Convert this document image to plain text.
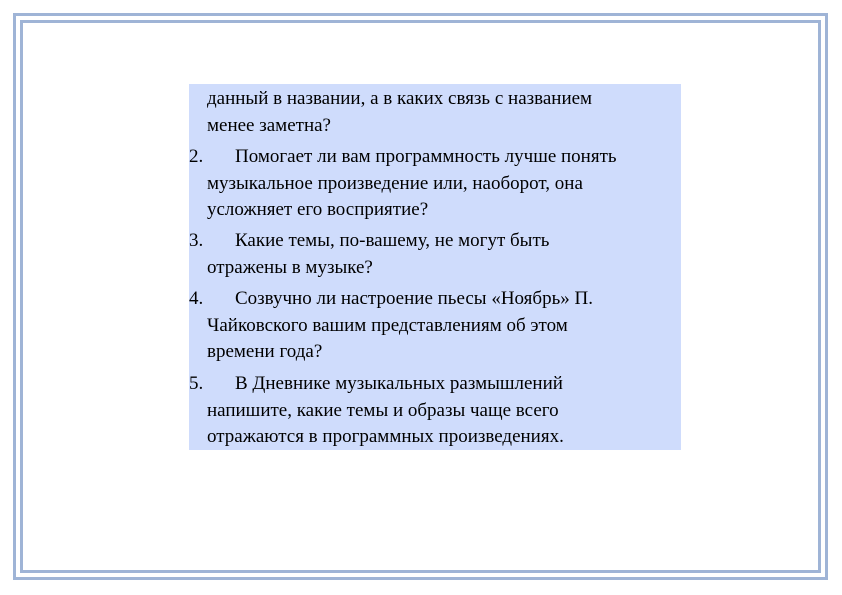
данный в названии, а в каких связь с названием
менее заметна?
2.	Помогает ли вам программность лучше понять
музыкальное произведение или, наоборот, она
усложняет его восприятие?
3.	Какие темы, по-вашему, не могут быть
отражены в музыке?
4.	Созвучно ли настроение пьесы «Ноябрь» П.
Чайковского вашим представлениям об этом
времени года?
5.	В Дневнике музыкальных размышлений
напишите, какие темы и образы чаще всего
отражаются в программных произведениях.
